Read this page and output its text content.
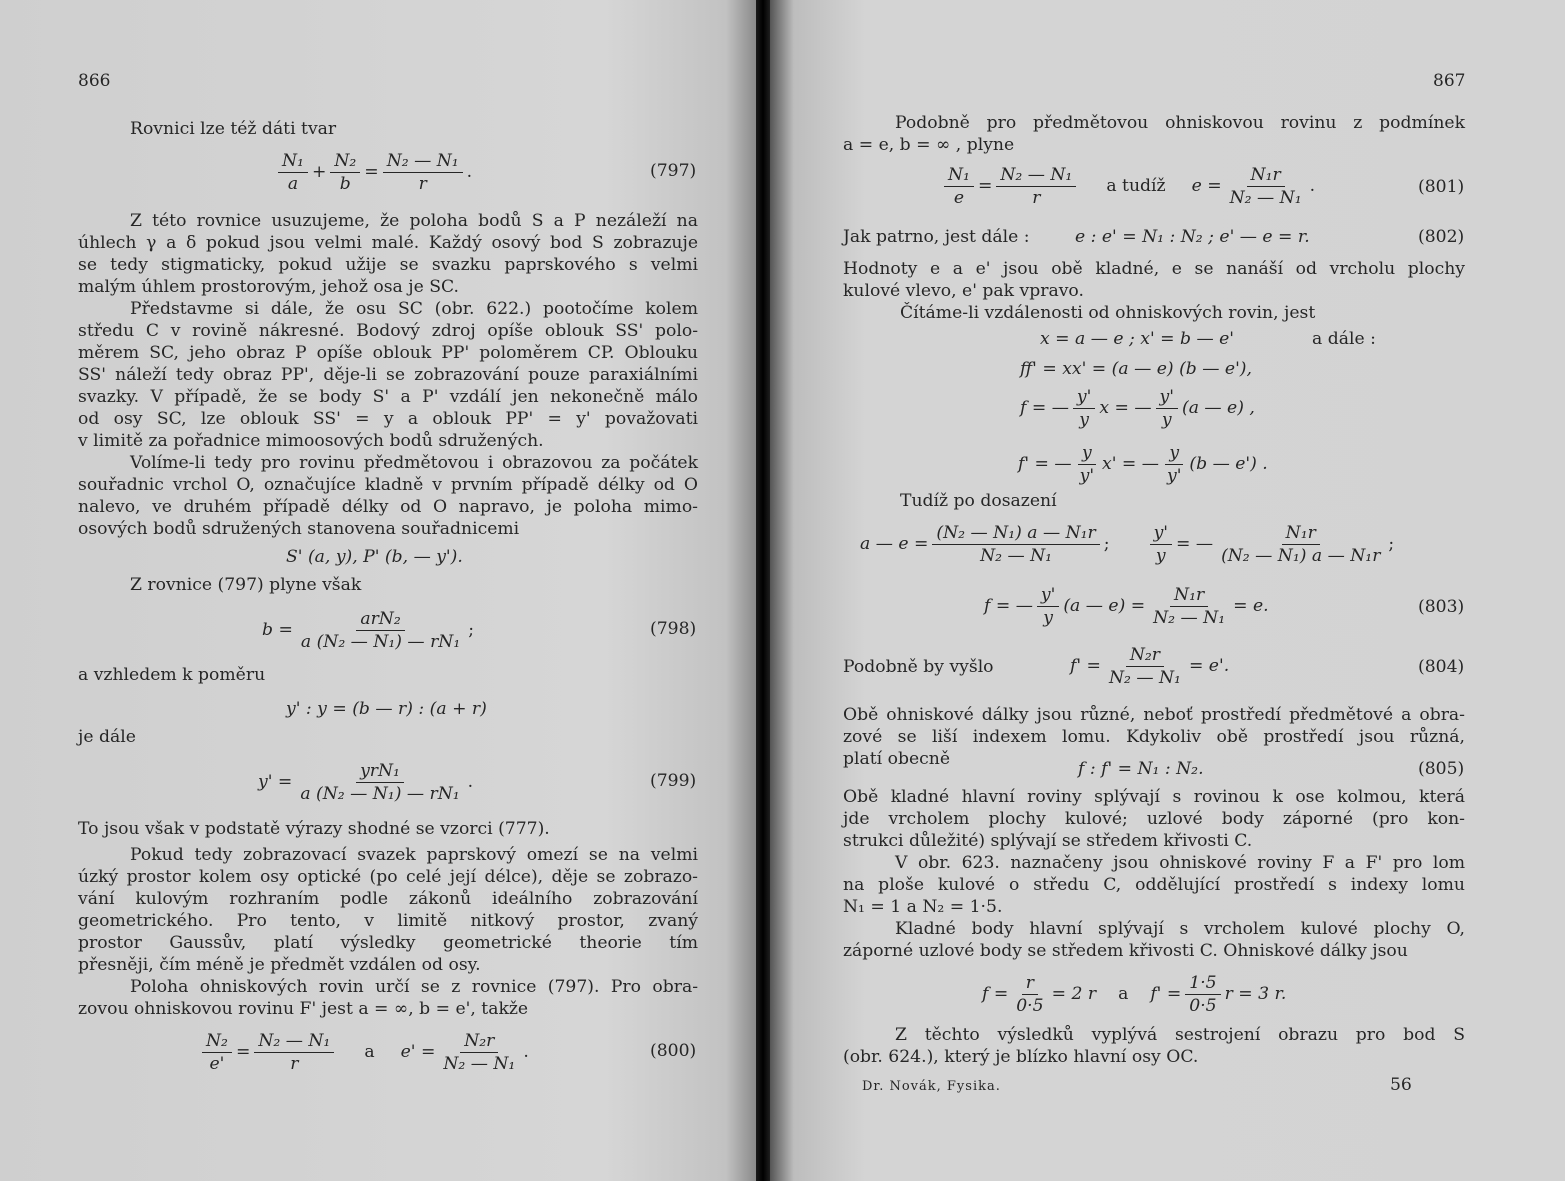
866
Rovnici lze též dáti tvar
$\frac{\text{N₁}}{a} + \frac{\text{N₂}}{b} = \frac{\text{N₂ — N₁}}{r}$ .	(797)
Z této rovnice usuzujeme, že poloha bodů S a P nezáleží na
úhlech γ a δ pokud jsou velmi malé. Každý osový bod S zobrazuje
se tedy stigmaticky, pokud užije se svazku paprskového s velmi
malým úhlem prostorovým, jehož osa je SC.
Představme si dále, že osu SC (obr. 622.) pootočíme kolem
středu C v rovině nákresné. Bodový zdroj opíše oblouk SS' polo-
měrem SC, jeho obraz P opíše oblouk PP' poloměrem CP. Oblouku
SS' náleží tedy obraz PP', děje-li se zobrazování pouze paraxiálními
svazky. V případě, že se body S' a P' vzdálí jen nekonečně málo
od osy SC, lze oblouk SS' = y a oblouk PP' = y' považovati
v limitě za pořadnice mimoosových bodů sdružených.
Volíme-li tedy pro rovinu předmětovou i obrazovou za počátek
souřadnic vrchol O, označujíce kladně v prvním případě délky od O
nalevo, ve druhém případě délky od O napravo, je poloha mimo-
osových bodů sdružených stanovena souřadnicemi
S' (a, y), P' (b, — y').
Z rovnice (797) plyne však
$b = \frac{\text{arN₂}}{\text{a (N₂ — N₁) — rN₁}}$ ;	(798)
a vzhledem k poměru
y' : y = (b — r) : (a + r)
je dále
$y' = \frac{\text{yrN₁}}{\text{a (N₂ — N₁) — rN₁}}$ .	(799)
To jsou však v podstatě výrazy shodné se vzorci (777).
Pokud tedy zobrazovací svazek paprskový omezí se na velmi
úzký prostor kolem osy optické (po celé její délce), děje se zobrazo-
vání kulovým rozhraním podle zákonů ideálního zobrazování
geometrického. Pro tento, v limitě nitkový prostor, zvaný
prostor Gaussův, platí výsledky geometrické theorie tím
přesněji, čím méně je předmět vzdálen od osy.
Poloha ohniskových rovin určí se z rovnice (797). Pro obra-
zovou ohniskovou rovinu F' jest a = ∞, b = e', takže
$\frac{\text{N₂}}{e'} = \frac{\text{N₂ — N₁}}{r}$ a $e' = \frac{\text{N₂r}}{\text{N₂ — N₁}}$ .	(800)
867
Podobně pro předmětovou ohniskovou rovinu z podmínek
a = e, b = ∞ , plyne
$\frac{\text{N₁}}{e} = \frac{\text{N₂ — N₁}}{r}$ a tudíž $e = \frac{\text{N₁r}}{\text{N₂ — N₁}}$ .	(801)
Jak patrno, jest dále :	e : e' = N₁ : N₂ ; e' — e = r.	(802)
Hodnoty e a e' jsou obě kladné, e se nanáší od vrcholu plochy
kulové vlevo, e' pak vpravo.
Čítáme-li vzdálenosti od ohniskových rovin, jest
x = a — e ; x' = b — e'	a dále :
ff' = xx' = (a — e) (b — e'),
f = — $\frac{y'}{y}$ x = — $\frac{y'}{y} (a$ — e) ,
f' = — $\frac{y}{y'} x'$ = — $\frac{y}{y'} (b$ — e') .
Tudíž po dosazení
a — $e = \frac{\text{(N₂ — N₁) a — N₁r}}{\text{N₂ — N₁}}$ ; $\frac{y'}{y}$ = — $\frac{\text{N₁r}}{\text{(N₂ — N₁) a — N₁r}}$ ;
f = — $\frac{y'}{y} (a$ — $e) = \frac{\text{N₁r}}{\text{N₂ — N₁}} = e$.	(803)
Podobně by vyšlo	$f' = \frac{\text{N₂r}}{\text{N₂ — N₁}} = e'$.	(804)
Obě ohniskové dálky jsou různé, neboť prostředí předmětové a obra-
zové se liší indexem lomu. Kdykoliv obě prostředí jsou různá,
platí obecně	f : f' = N₁ : N₂.	(805)
Obě kladné hlavní roviny splývají s rovinou k ose kolmou, která
jde vrcholem plochy kulové; uzlové body záporné (pro kon-
strukci důležité) splývají se středem křivosti C.
V obr. 623. naznačeny jsou ohniskové roviny F a F' pro lom
na ploše kulové o středu C, oddělující prostředí s indexy lomu
N₁ = 1 a N₂ = 1·5.
Kladné body hlavní splývají s vrcholem kulové plochy O,
záporné uzlové body se středem křivosti C. Ohniskové dálky jsou
$f = \frac{r}{0\cdot 5} = 2$ r a $f' = \frac{1\cdot 5}{0\cdot 5}$ r = 3 r.
Z těchto výsledků vyplývá sestrojení obrazu pro bod S
(obr. 624.), který je blízko hlavní osy OC.
Dr. Novák, Fysika.	56
